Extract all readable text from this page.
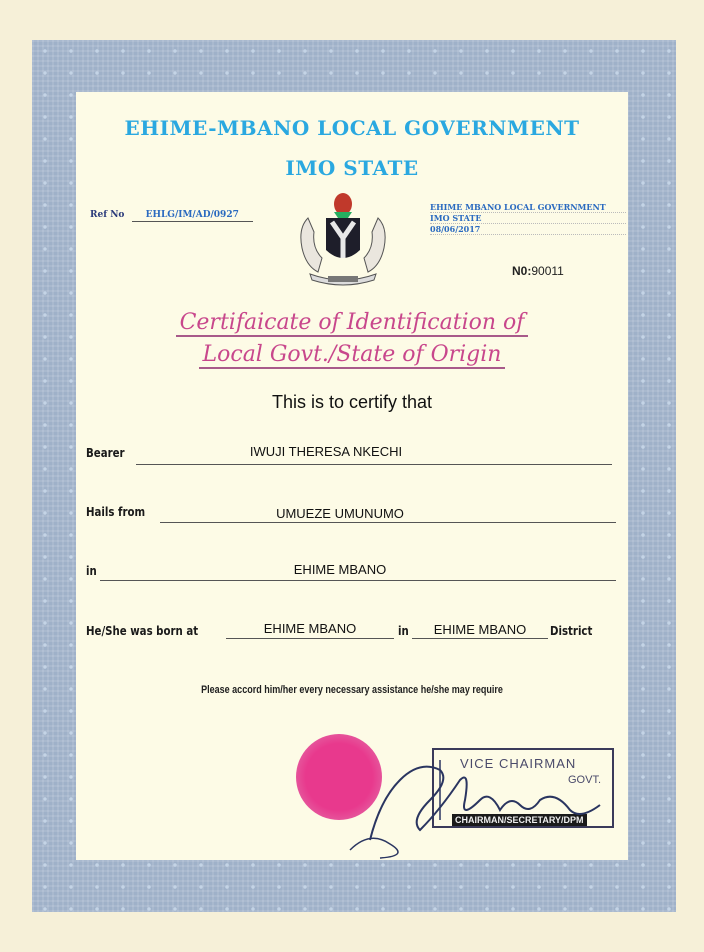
EHIME-MBANO LOCAL GOVERNMENT
IMO STATE
Ref No EHLG/IM/AD/0927
EHIME MBANO LOCAL GOVERNMENT
IMO STATE
08/06/2017
N0:90011
Certifaicate of Identification of
Local Govt./State of Origin
This is to certify that
Bearer	IWUJI THERESA NKECHI
Hails from	UMUEZE UMUNUMO
in	EHIME MBANO
He/She was born at	EHIME MBANO	in	EHIME MBANO	District
Please accord him/her every necessary assistance he/she may require
VICE CHAIRMAN
GOVT.
CHAIRMAN/SECRETARY/DPM
